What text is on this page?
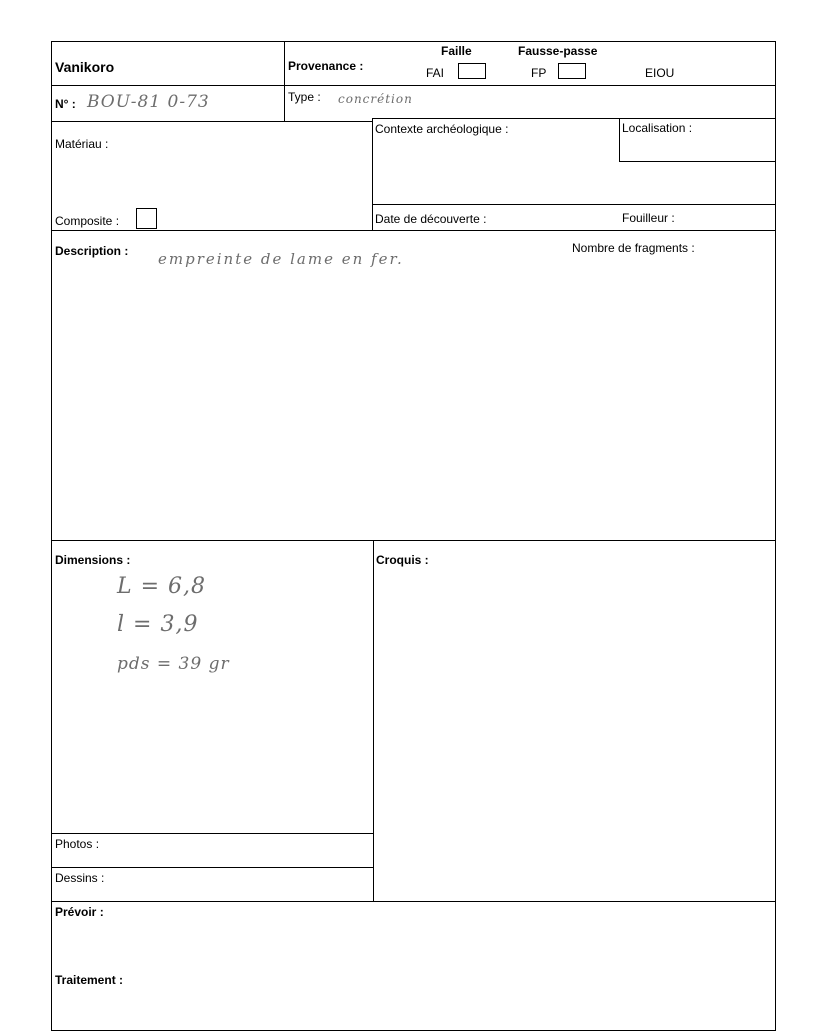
Vanikoro	Provenance :
Faille	Fausse-passe
FAI	FP	EIOU
N° : BOU-81 0-73	Type : concrétion
Matériau :
Composite :
Contexte archéologique :	Localisation :
Date de découverte :	Fouilleur :
Description : empreinte de lame en fer.
Nombre de fragments :
Dimensions :
L = 6,8
l = 3,9
pds = 39 gr
Croquis :
Photos :
Dessins :
Prévoir :
Traitement :
